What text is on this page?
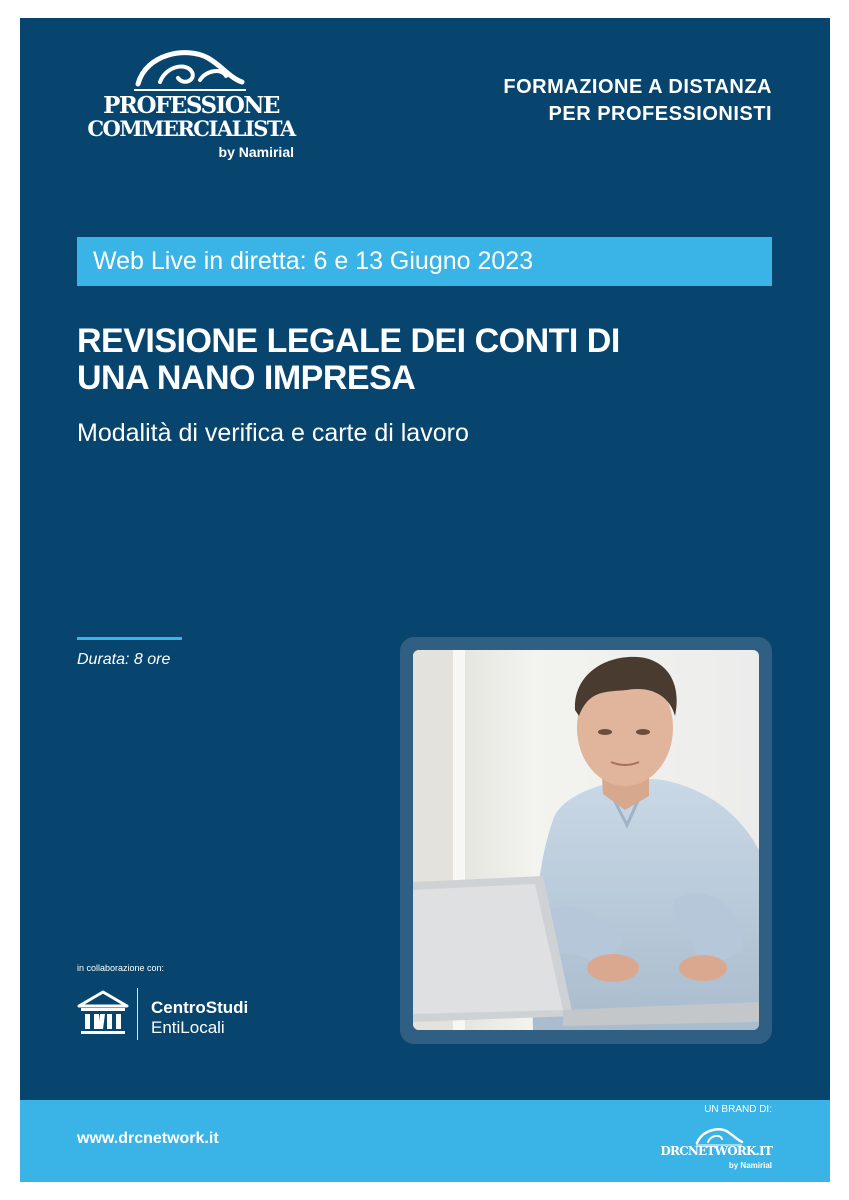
PROFESSIONE
COMMERCIALISTA
by Namirial
FORMAZIONE A DISTANZA
PER PROFESSIONISTI
Web Live in diretta: 6 e 13 Giugno 2023
REVISIONE LEGALE DEI CONTI DI
UNA NANO IMPRESA
Modalità di verifica e carte di lavoro
Durata: 8 ore
in collaborazione con:
CentroStudi
EntiLocali
www.drcnetwork.it
UN BRAND DI:
DRCNETWORK.IT
by Namirial
